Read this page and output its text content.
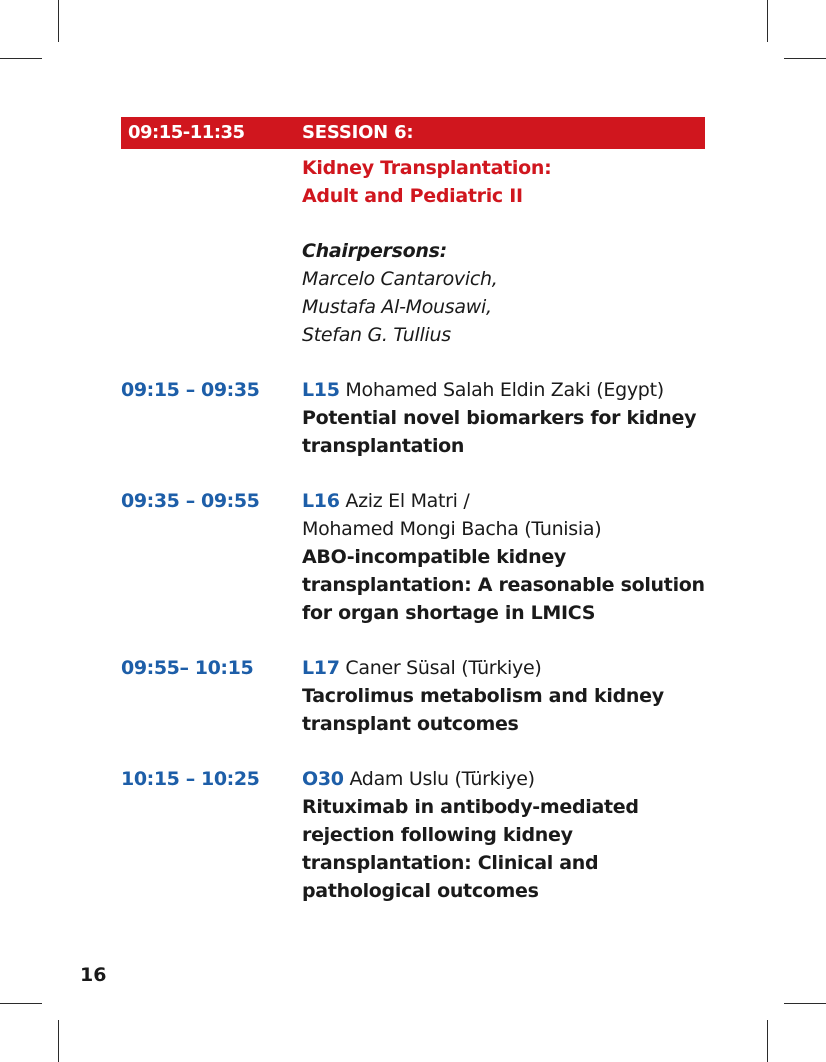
09:15-11:35	SESSION 6:
Kidney Transplantation:
Adult and Pediatric II
Chairpersons:
Marcelo Cantarovich,
Mustafa Al-Mousawi,
Stefan G. Tullius
09:15 – 09:35 L15 Mohamed Salah Eldin Zaki (Egypt)
Potential novel biomarkers for kidney
transplantation
09:35 – 09:55 L16 Aziz El Matri /
Mohamed Mongi Bacha (Tunisia)
ABO-incompatible kidney
transplantation: A reasonable solution
for organ shortage in LMICS
09:55– 10:15	L17 Caner Süsal (Türkiye)
Tacrolimus metabolism and kidney
transplant outcomes
10:15 – 10:25 O30 Adam Uslu (Türkiye)
Rituximab in antibody-mediated
rejection following kidney
transplantation: Clinical and
pathological outcomes
16
